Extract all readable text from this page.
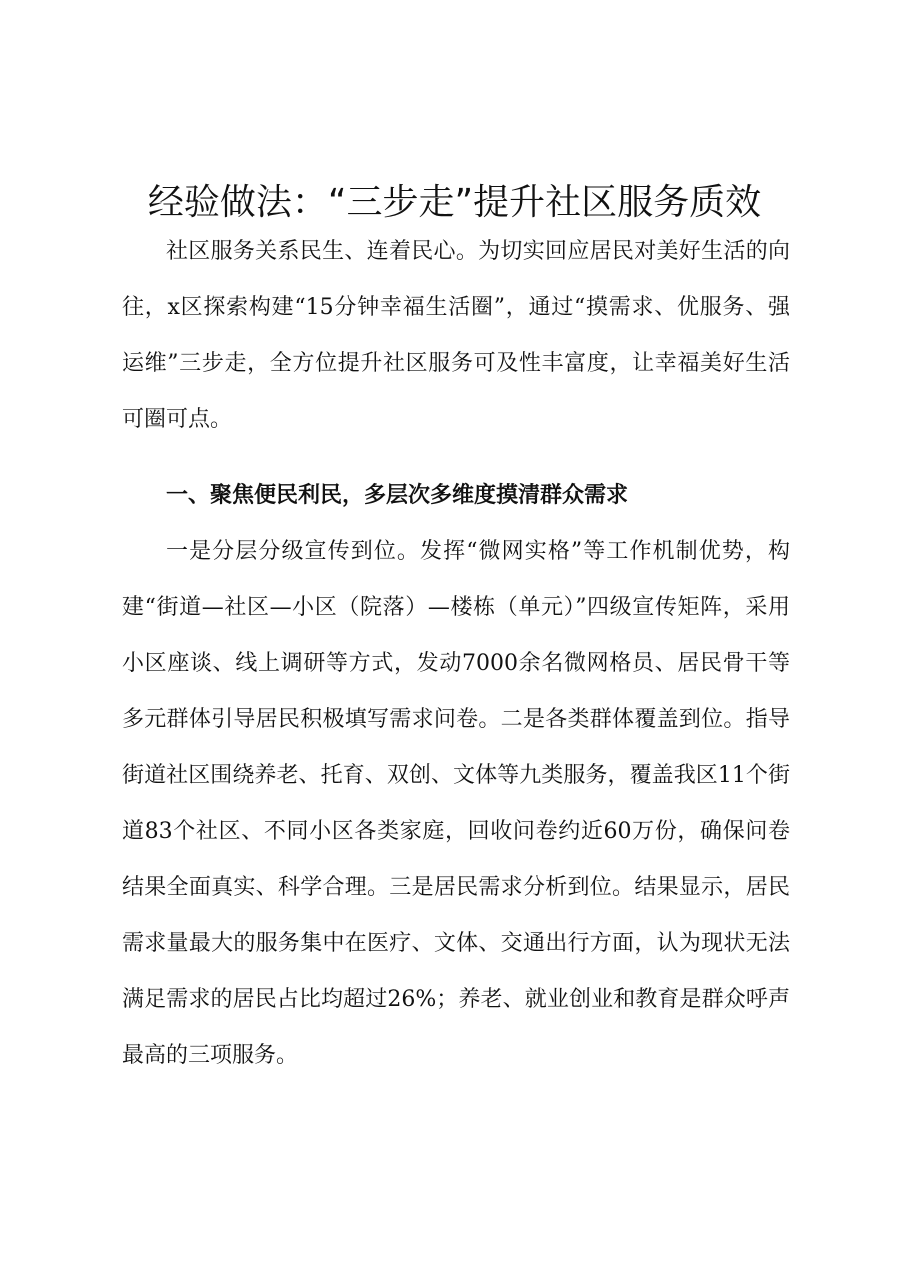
经验做法：“三步走”提升社区服务质效

社区服务关系民生、连着民心。为切实回应居民对美好生活的向往，x区探索构建“15分钟幸福生活圈”，通过“摸需求、优服务、强运维”三步走，全方位提升社区服务可及性丰富度，让幸福美好生活可圈可点。

一、聚焦便民利民，多层次多维度摸清群众需求

一是分层分级宣传到位。发挥“微网实格”等工作机制优势，构建“街道—社区—小区（院落）—楼栋（单元）”四级宣传矩阵，采用小区座谈、线上调研等方式，发动7000余名微网格员、居民骨干等多元群体引导居民积极填写需求问卷。二是各类群体覆盖到位。指导街道社区围绕养老、托育、双创、文体等九类服务，覆盖我区11个街道83个社区、不同小区各类家庭，回收问卷约近60万份，确保问卷结果全面真实、科学合理。三是居民需求分析到位。结果显示，居民需求量最大的服务集中在医疗、文体、交通出行方面，认为现状无法满足需求的居民占比均超过26%；养老、就业创业和教育是群众呼声最高的三项服务。
